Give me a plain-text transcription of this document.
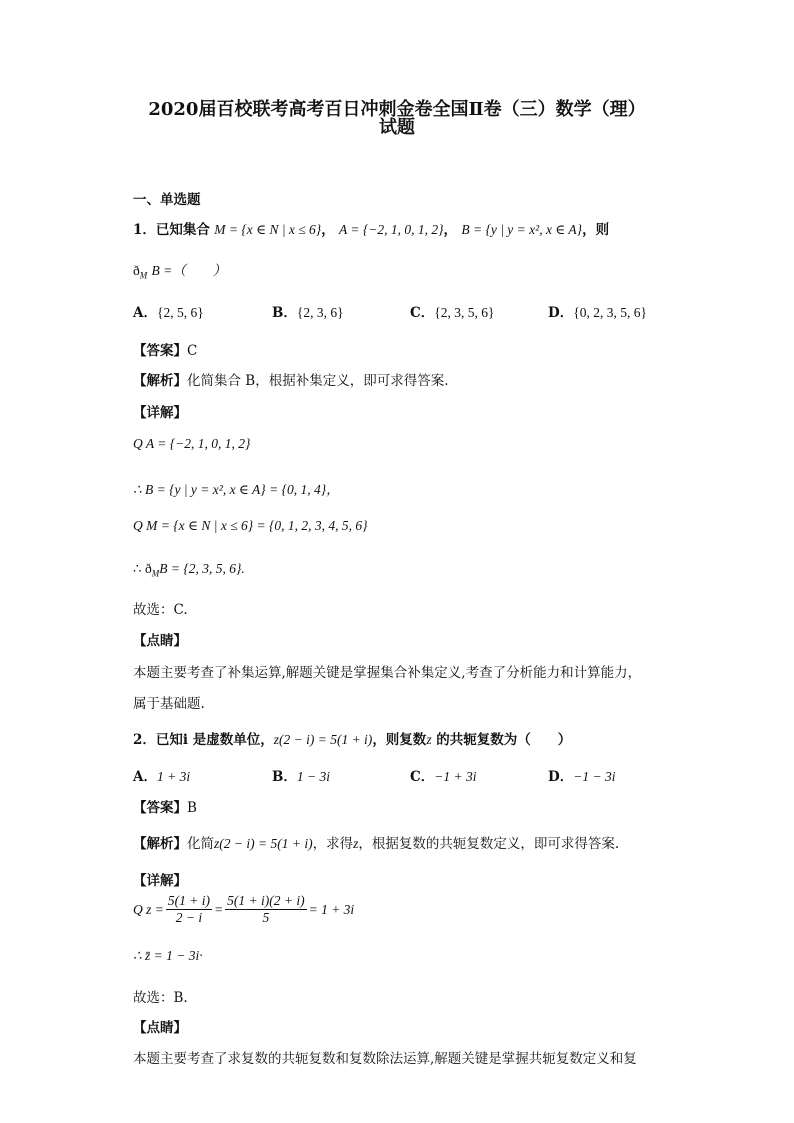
2020届百校联考高考百日冲刺金卷全国Ⅱ卷（三）数学（理）
试题
一、单选题
1．已知集合 M = {x ∈ N | x ≤ 6}， A = {−2, 1, 0, 1, 2}， B = {y | y = x², x ∈ A}，则
$ð_M$ B =（　　）
A．{2, 5, 6}	B．{2, 3, 6}	C．{2, 3, 5, 6}	D．{0, 2, 3, 5, 6}
【答案】C
【解析】化简集合 B，根据补集定义，即可求得答案.
【详解】
Q A = {−2, 1, 0, 1, 2}
∴ B = {y | y = x², x ∈ A} = {0, 1, 4}，
Q M = {x ∈ N | x ≤ 6} = {0, 1, 2, 3, 4, 5, 6}
∴ $ð_MB = \{2$, 3, 5, 6}.
故选：C.
【点睛】
本题主要考查了补集运算,解题关键是掌握集合补集定义,考查了分析能力和计算能力，
属于基础题.
2．已知i 是虚数单位，z(2 − i) = 5(1 + i)，则复数z 的共轭复数为（　　）
A．1 + 3i	B．1 − 3i	C．−1 + 3i	D．−1 − 3i
【答案】B
【解析】化简z(2 − i) = 5(1 + i)，求得z，根据复数的共轭复数定义，即可求得答案.
【详解】
Q $z = \frac{5(1 + i)}{2 - i} = \frac{5(1 + i)(2 + i)}{5} = 1 + 3i$
∴ z̄ = 1 − 3i·
故选：B.
【点睛】
本题主要考查了求复数的共轭复数和复数除法运算,解题关键是掌握共轭复数定义和复
